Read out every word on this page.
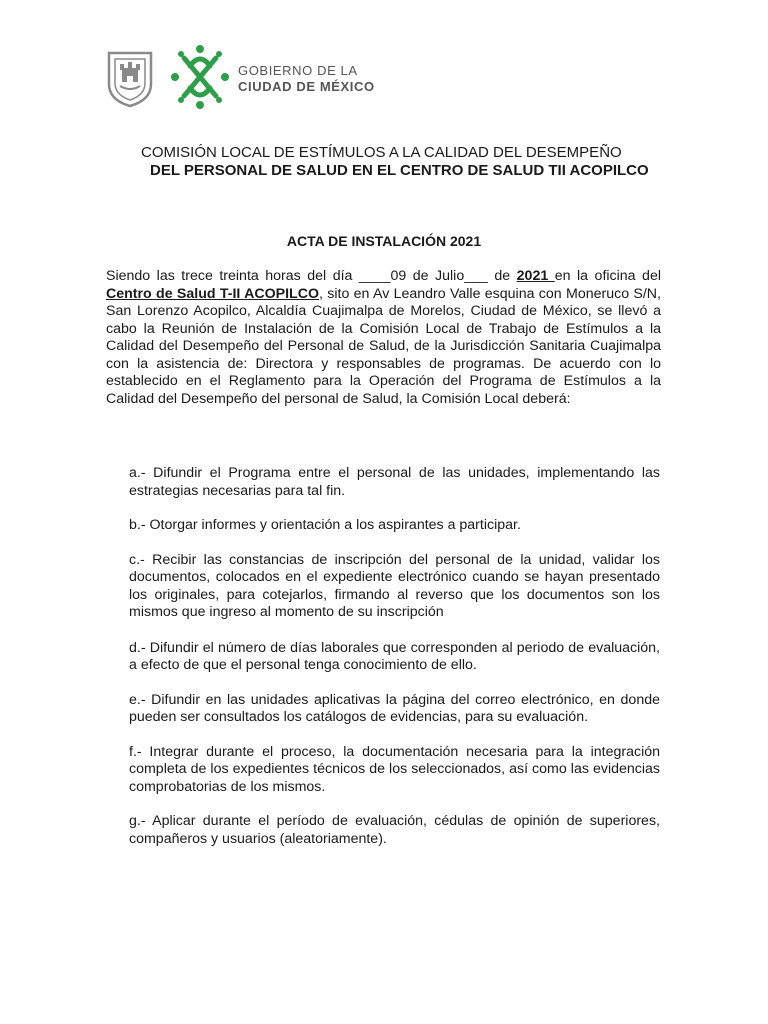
GOBIERNO DE LA
CIUDAD DE MÉXICO
COMISIÓN LOCAL DE ESTÍMULOS A LA CALIDAD DEL DESEMPEÑO
DEL PERSONAL DE SALUD EN EL CENTRO DE SALUD TII ACOPILCO
ACTA DE INSTALACIÓN 2021

Siendo las trece treinta horas del día ____09 de Julio___ de 2021 en la oficina del Centro de Salud T-II ACOPILCO, sito en Av Leandro Valle esquina con Moneruco S/N, San Lorenzo Acopilco, Alcaldía Cuajimalpa de Morelos, Ciudad de México, se llevó a cabo la Reunión de Instalación de la Comisión Local de Trabajo de Estímulos a la Calidad del Desempeño del Personal de Salud, de la Jurisdicción Sanitaria Cuajimalpa con la asistencia de: Directora y responsables de programas. De acuerdo con lo establecido en el Reglamento para la Operación del Programa de Estímulos a la Calidad del Desempeño del personal de Salud, la Comisión Local deberá:

a.- Difundir el Programa entre el personal de las unidades, implementando las estrategias necesarias para tal fin.

b.- Otorgar informes y orientación a los aspirantes a participar.

c.- Recibir las constancias de inscripción del personal de la unidad, validar los documentos, colocados en el expediente electrónico cuando se hayan presentado los originales, para cotejarlos, firmando al reverso que los documentos son los mismos que ingreso al momento de su inscripción

d.- Difundir el número de días laborales que corresponden al periodo de evaluación, a efecto de que el personal tenga conocimiento de ello.

e.- Difundir en las unidades aplicativas la página del correo electrónico, en donde pueden ser consultados los catálogos de evidencias, para su evaluación.

f.- Integrar durante el proceso, la documentación necesaria para la integración completa de los expedientes técnicos de los seleccionados, así como las evidencias comprobatorias de los mismos.

g.- Aplicar durante el período de evaluación, cédulas de opinión de superiores, compañeros y usuarios (aleatoriamente).
